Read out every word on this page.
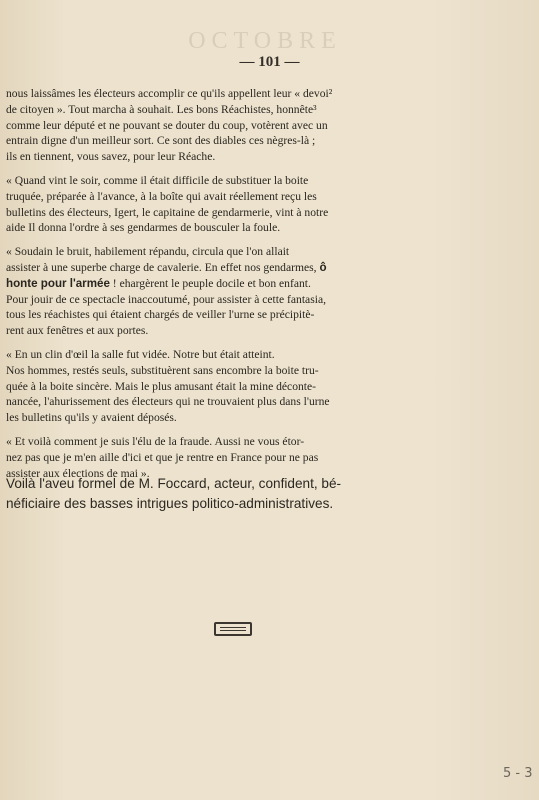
OCTOBRE
— 101 —

nous laissâmes les électeurs accomplir ce qu'ils appellent leur « devoi²
de citoyen ». Tout marcha à souhait. Les bons Réachistes, honnête³
comme leur député et ne pouvant se douter du coup, votèrent avec un
entrain digne d'un meilleur sort. Ce sont des diables ces nègres-là ;
ils en tiennent, vous savez, pour leur Réache.

« Quand vint le soir, comme il était difficile de substituer la boite
truquée, préparée à l'avance, à la boîte qui avait réellement reçu les
bulletins des électeurs, Igert, le capitaine de gendarmerie, vint à notre
aide Il donna l'ordre à ses gendarmes de bousculer la foule.

« Soudain le bruit, habilement répandu, circula que l'on allait
assister à une superbe charge de cavalerie. En effet nos gendarmes, ô
honte pour l'armée ! ehargèrent le peuple docile et bon enfant.
Pour jouir de ce spectacle inaccoutumé, pour assister à cette fantasia,
tous les réachistes qui étaient chargés de veiller l'urne se précipitè-
rent aux fenêtres et aux portes.

« En un clin d'œil la salle fut vidée. Notre but était atteint.
Nos hommes, restés seuls, substituèrent sans encombre la boite tru-
quée à la boite sincère. Mais le plus amusant était la mine déconte-
nancée, l'ahurissement des électeurs qui ne trouvaient plus dans l'urne
les bulletins qu'ils y avaient déposés.

« Et voilà comment je suis l'élu de la fraude. Aussi ne vous étor-
nez pas que je m'en aille d'ici et que je rentre en France pour ne pas
assister aux élections de mai ».

Voilà l'aveu formel de M. Foccard, acteur, confident, bé-
néficiaire des basses intrigues politico-administratives.
5 - 3
